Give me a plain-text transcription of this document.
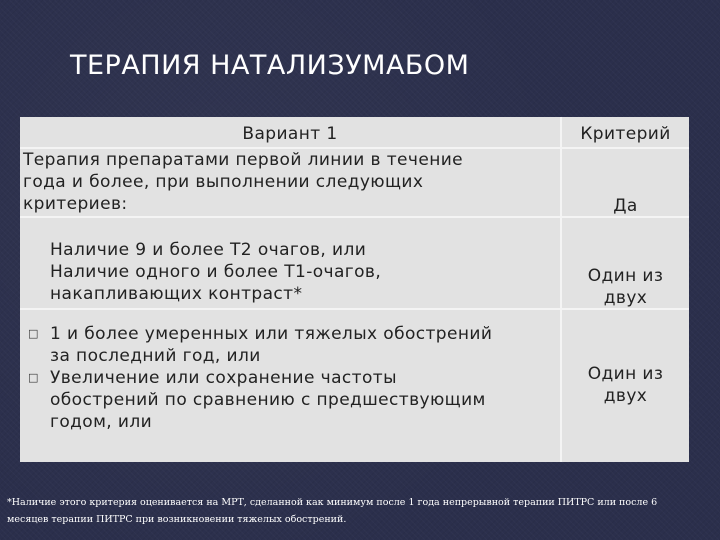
ТЕРАПИЯ НАТАЛИЗУМАБОМ
Вариант 1	Критерий
Терапия препаратами первой линии в течение
года и более, при выполнении следующих
критериев:	Да
Наличие 9 и более Т2 очагов, или
Наличие одного и более Т1-очагов,
накапливающих контраст*
Один из
двух
□ 1 и более умеренных или тяжелых обострений
за последний год, или
□ Увеличение или сохранение частоты
обострений по сравнению с предшествующим
годом, или
Один из
двух
*Наличие этого критерия оценивается на МРТ, сделанной как минимум после 1 года непрерывной терапии ПИТРС или после 6
месяцев терапии ПИТРС при возникновении тяжелых обострений.
